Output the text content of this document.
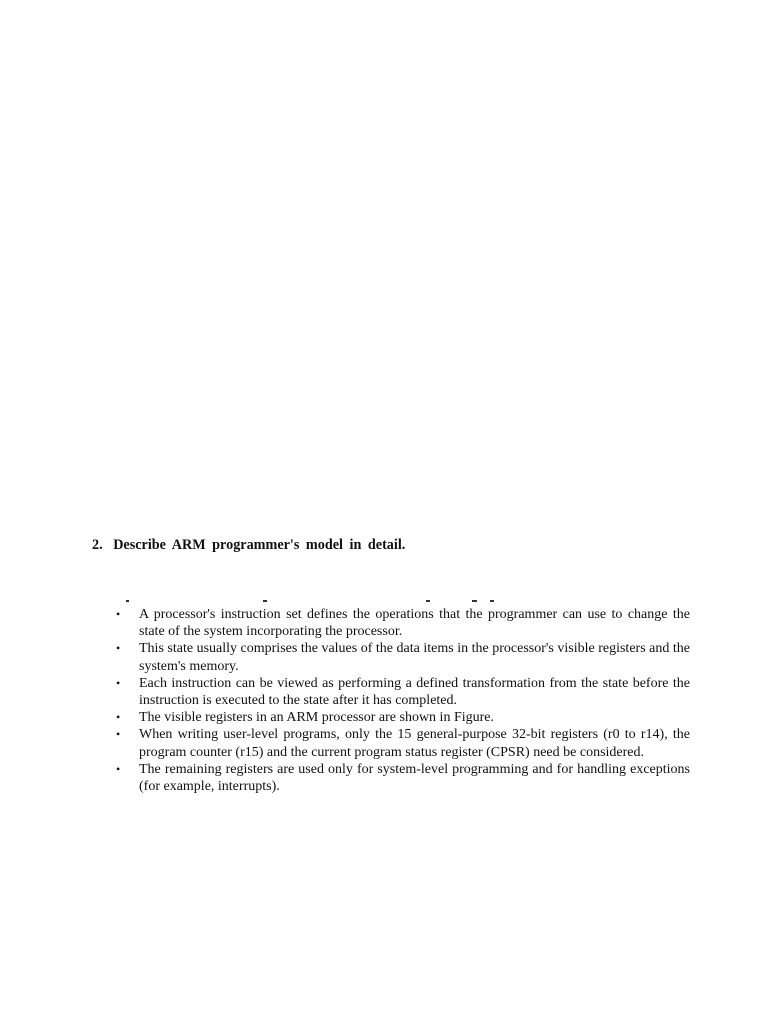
2. Describe ARM programmer's model in detail.
• A processor's instruction set defines the operations that the programmer can use to change the state of the system incorporating the processor.
• This state usually comprises the values of the data items in the processor's visible registers and the system's memory.
• Each instruction can be viewed as performing a defined transformation from the state before the instruction is executed to the state after it has completed.
• The visible registers in an ARM processor are shown in Figure.
• When writing user-level programs, only the 15 general-purpose 32-bit registers (r0 to r14), the program counter (r15) and the current program status register (CPSR) need be considered.
• The remaining registers are used only for system-level programming and for handling exceptions (for example, interrupts).
